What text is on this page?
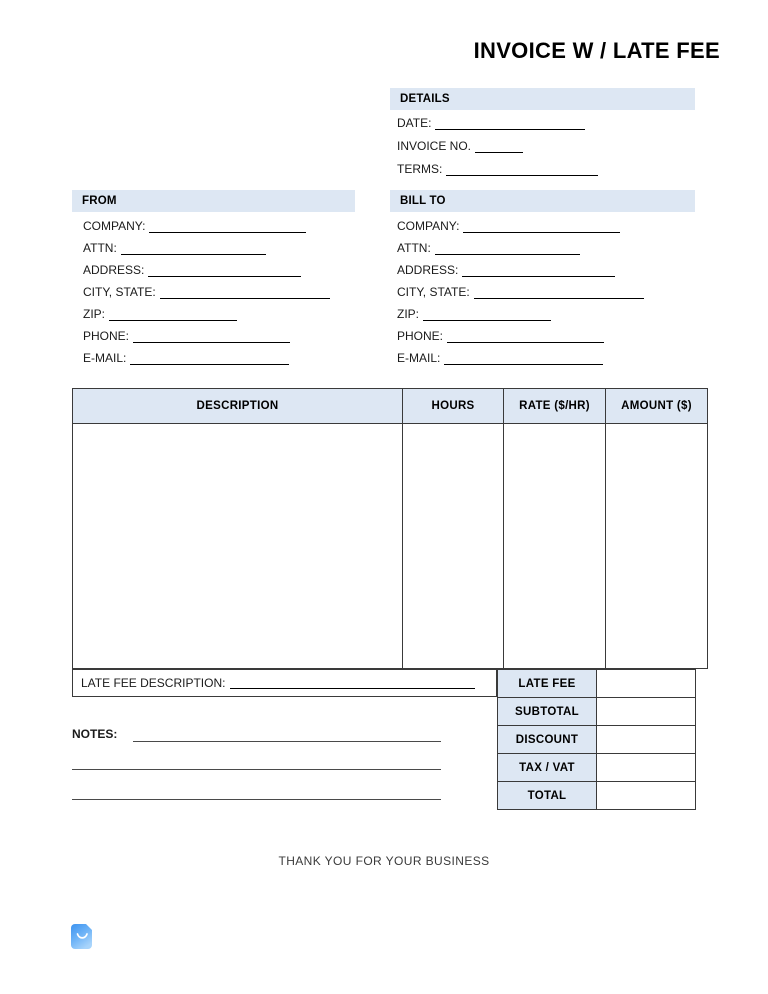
INVOICE W / LATE FEE
DETAILS
DATE:
INVOICE NO.
TERMS:
FROM
COMPANY:
ATTN:
ADDRESS:
CITY, STATE:
ZIP:
PHONE:
E-MAIL:
BILL TO
COMPANY:
ATTN:
ADDRESS:
CITY, STATE:
ZIP:
PHONE:
E-MAIL:
DESCRIPTION	HOURS	RATE ($/HR)	AMOUNT ($)

LATE FEE DESCRIPTION:	LATE FEE	
SUBTOTAL	
DISCOUNT	
TAX / VAT	
TOTAL	
NOTES:
THANK YOU FOR YOUR BUSINESS
